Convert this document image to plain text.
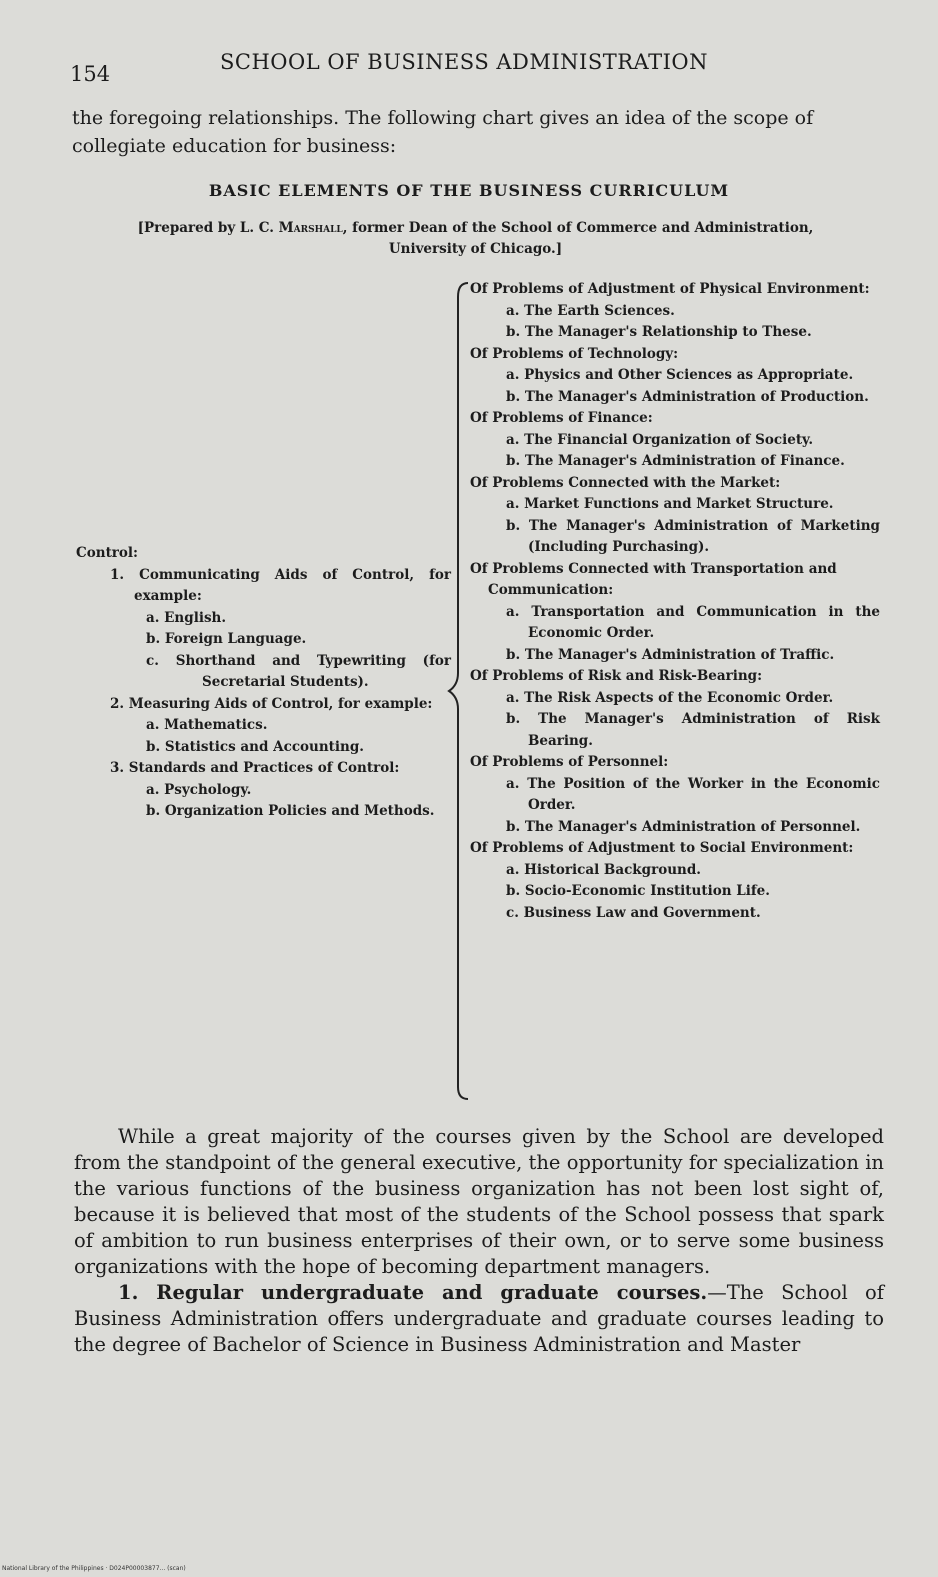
154	SCHOOL OF BUSINESS ADMINISTRATION

the foregoing relationships. The following chart gives an idea of the scope of collegiate education for business:

BASIC ELEMENTS OF THE BUSINESS CURRICULUM
[Prepared by L. C. Marshall, former Dean of the School of Commerce and Administration,
University of Chicago.]
Control:
1. Communicating Aids of Control, for example:
a. English.
b. Foreign Language.
c. Shorthand and Typewriting (for Secretarial Students).
2. Measuring Aids of Control, for example:
a. Mathematics.
b. Statistics and Accounting.
3. Standards and Practices of Control:
a. Psychology.
b. Organization Policies and Methods.
Of Problems of Adjustment of Physical Environment:
a. The Earth Sciences.
b. The Manager's Relationship to These.
Of Problems of Technology:
a. Physics and Other Sciences as Appropriate.
b. The Manager's Administration of Production.
Of Problems of Finance:
a. The Financial Organization of Society.
b. The Manager's Administration of Finance.
Of Problems Connected with the Market:
a. Market Functions and Market Structure.
b. The Manager's Administration of Marketing (Including Purchasing).
Of Problems Connected with Transportation and Communication:
a. Transportation and Communication in the Economic Order.
b. The Manager's Administration of Traffic.
Of Problems of Risk and Risk-Bearing:
a. The Risk Aspects of the Economic Order.
b. The Manager's Administration of Risk Bearing.
Of Problems of Personnel:
a. The Position of the Worker in the Economic Order.
b. The Manager's Administration of Personnel.
Of Problems of Adjustment to Social Environment:
a. Historical Background.
b. Socio-Economic Institution Life.
c. Business Law and Government.

While a great majority of the courses given by the School are developed from the standpoint of the general executive, the opportunity for specialization in the various functions of the business organization has not been lost sight of, because it is believed that most of the students of the School possess that spark of ambition to run business enterprises of their own, or to serve some business organizations with the hope of becoming department managers.

1. Regular undergraduate and graduate courses.—The School of Business Administration offers undergraduate and graduate courses leading to the degree of Bachelor of Science in Business Administration and Master

National Library of the Philippines · D024P00003877... (scan)
